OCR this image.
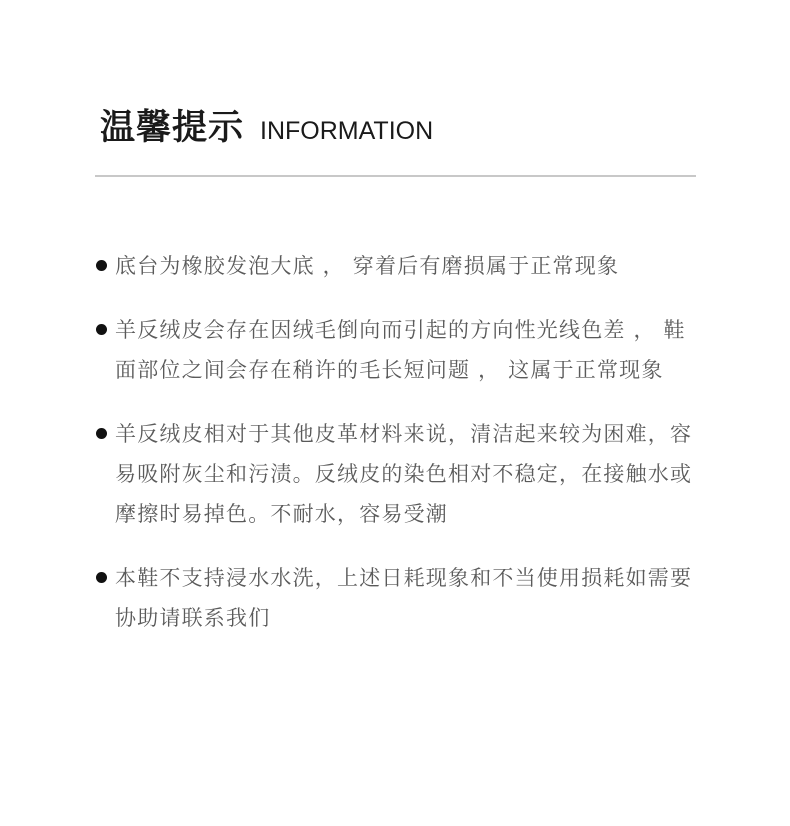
温馨提示 INFORMATION
底台为橡胶发泡大底 ， 穿着后有磨损属于正常现象
羊反绒皮会存在因绒毛倒向而引起的方向性光线色差 ， 鞋面部位之间会存在稍许的毛长短问题 ， 这属于正常现象
羊反绒皮相对于其他皮革材料来说，清洁起来较为困难，容易吸附灰尘和污渍。反绒皮的染色相对不稳定，在接触水或摩擦时易掉色。不耐水，容易受潮
本鞋不支持浸水水洗，上述日耗现象和不当使用损耗如需要协助请联系我们
